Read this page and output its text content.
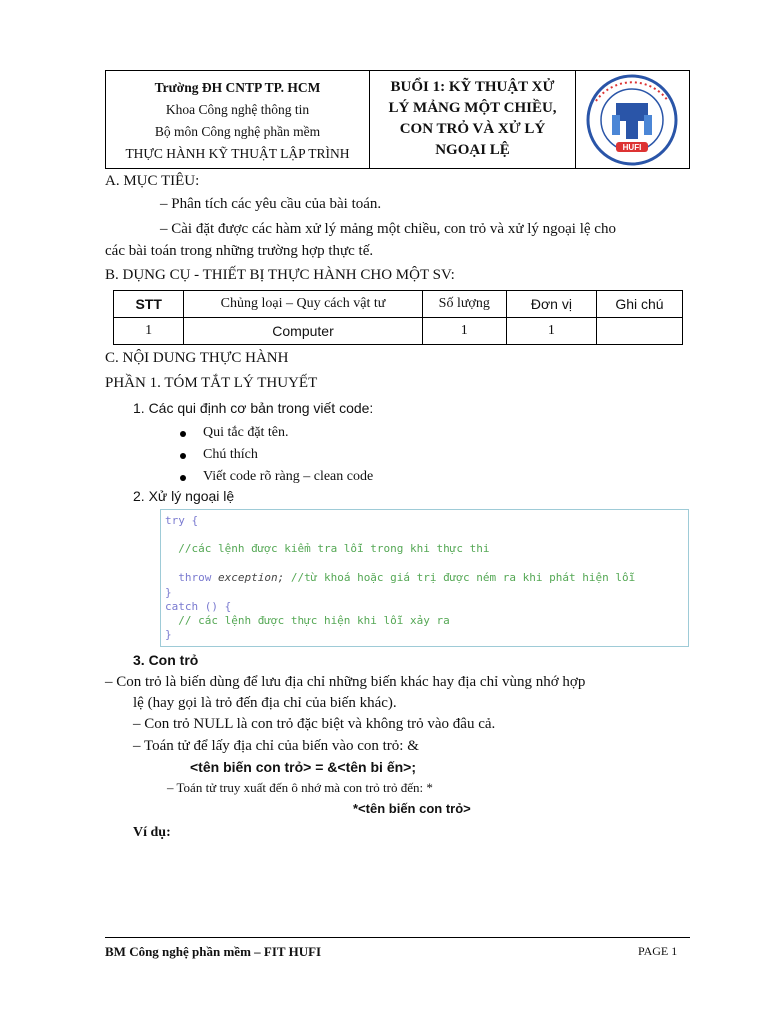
Trường ĐH CNTP TP. HCM
Khoa Công nghệ thông tin
Bộ môn Công nghệ phần mềm
THỰC HÀNH KỸ THUẬT LẬP TRÌNH
BUỔI 1: KỸ THUẬT XỬ
LÝ MẢNG MỘT CHIỀU,
CON TRỎ VÀ XỬ LÝ
NGOẠI LỆ	HUFI
A. MỤC TIÊU:
– Phân tích các yêu cầu của bài toán.
– Cài đặt được các hàm xử lý mảng một chiều, con trỏ và xử lý ngoại lệ cho
các bài toán trong những trường hợp thực tế.
B. DỤNG CỤ - THIẾT BỊ THỰC HÀNH CHO MỘT SV:
STT	Chủng loại – Quy cách vật tư	Số lượng	Đơn vị	Ghi chú
1	Computer	1	1	
C. NỘI DUNG THỰC HÀNH
PHẦN 1. TÓM TẮT LÝ THUYẾT
1. Các qui định cơ bản trong viết code:
Qui tắc đặt tên.
Chú thích
Viết code rõ ràng – clean code
2. Xử lý ngoại lệ
try {
//các lệnh được kiểm tra lỗi trong khi thực thi
throw exception; //từ khoá hoặc giá trị được ném ra khi phát hiện lỗi
}
catch () {
// các lệnh được thực hiện khi lỗi xảy ra
}
3. Con trỏ
– Con trỏ là biến dùng để lưu địa chỉ những biến khác hay địa chỉ vùng nhớ hợp
lệ (hay gọi là trỏ đến địa chỉ của biến khác).
– Con trỏ NULL là con trỏ đặc biệt và không trỏ vào đâu cả.
– Toán tử để lấy địa chỉ của biến vào con trỏ: &
<tên biến con trỏ> = &<tên bi ến>;
– Toán tử truy xuất đến ô nhớ mà con trỏ trỏ đến: *
*<tên biến con trỏ>
Ví dụ:
BM Công nghệ phần mềm – FIT HUFI	PAGE 1
